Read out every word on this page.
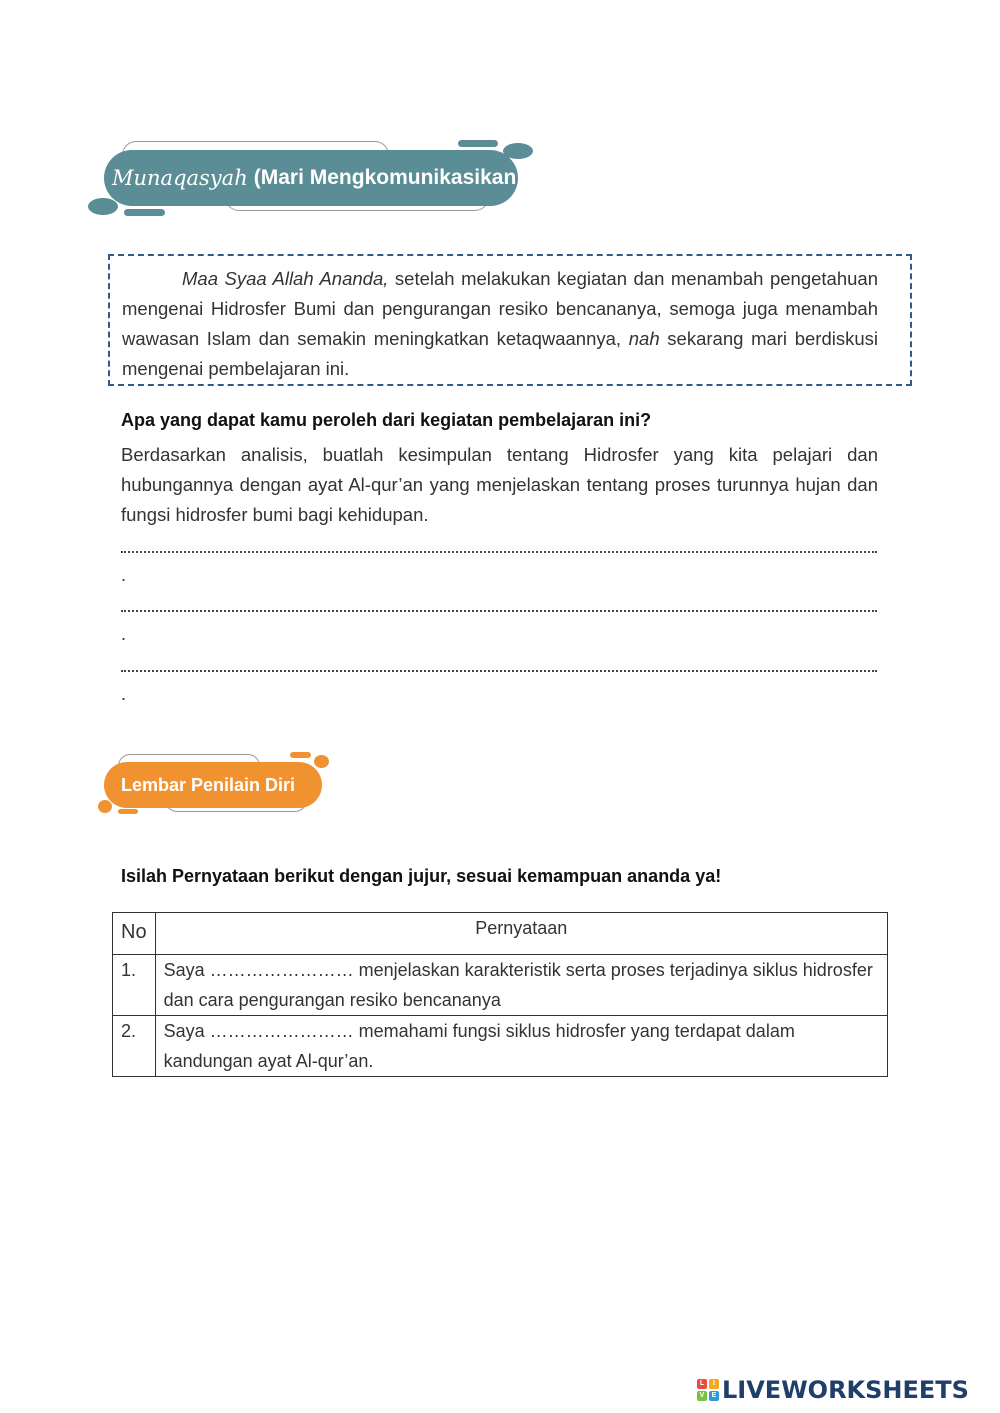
Munaqasyah (Mari Mengkomunikasikan)

Maa Syaa Allah Ananda, setelah melakukan kegiatan dan menambah pengetahuan mengenai Hidrosfer Bumi dan pengurangan resiko bencananya, semoga juga menambah wawasan Islam dan semakin meningkatkan ketaqwaannya, nah sekarang mari berdiskusi mengenai pembelajaran ini.

Apa yang dapat kamu peroleh dari kegiatan pembelajaran ini?
Berdasarkan analisis, buatlah kesimpulan tentang Hidrosfer yang kita pelajari dan hubungannya dengan ayat Al-qur’an yang menjelaskan tentang proses turunnya hujan dan fungsi hidrosfer bumi bagi kehidupan.
.
.
.
Lembar Penilain Diri
Isilah Pernyataan berikut dengan jujur, sesuai kemampuan ananda ya!
No	Pernyataan
1.	Saya …………………… menjelaskan karakteristik serta proses terjadinya siklus hidrosfer
dan cara pengurangan resiko bencananya
2.	Saya …………………… memahami fungsi siklus hidrosfer yang terdapat dalam
kandungan ayat Al-qur’an.
L	I
V	E LIVEWORKSHEETS
